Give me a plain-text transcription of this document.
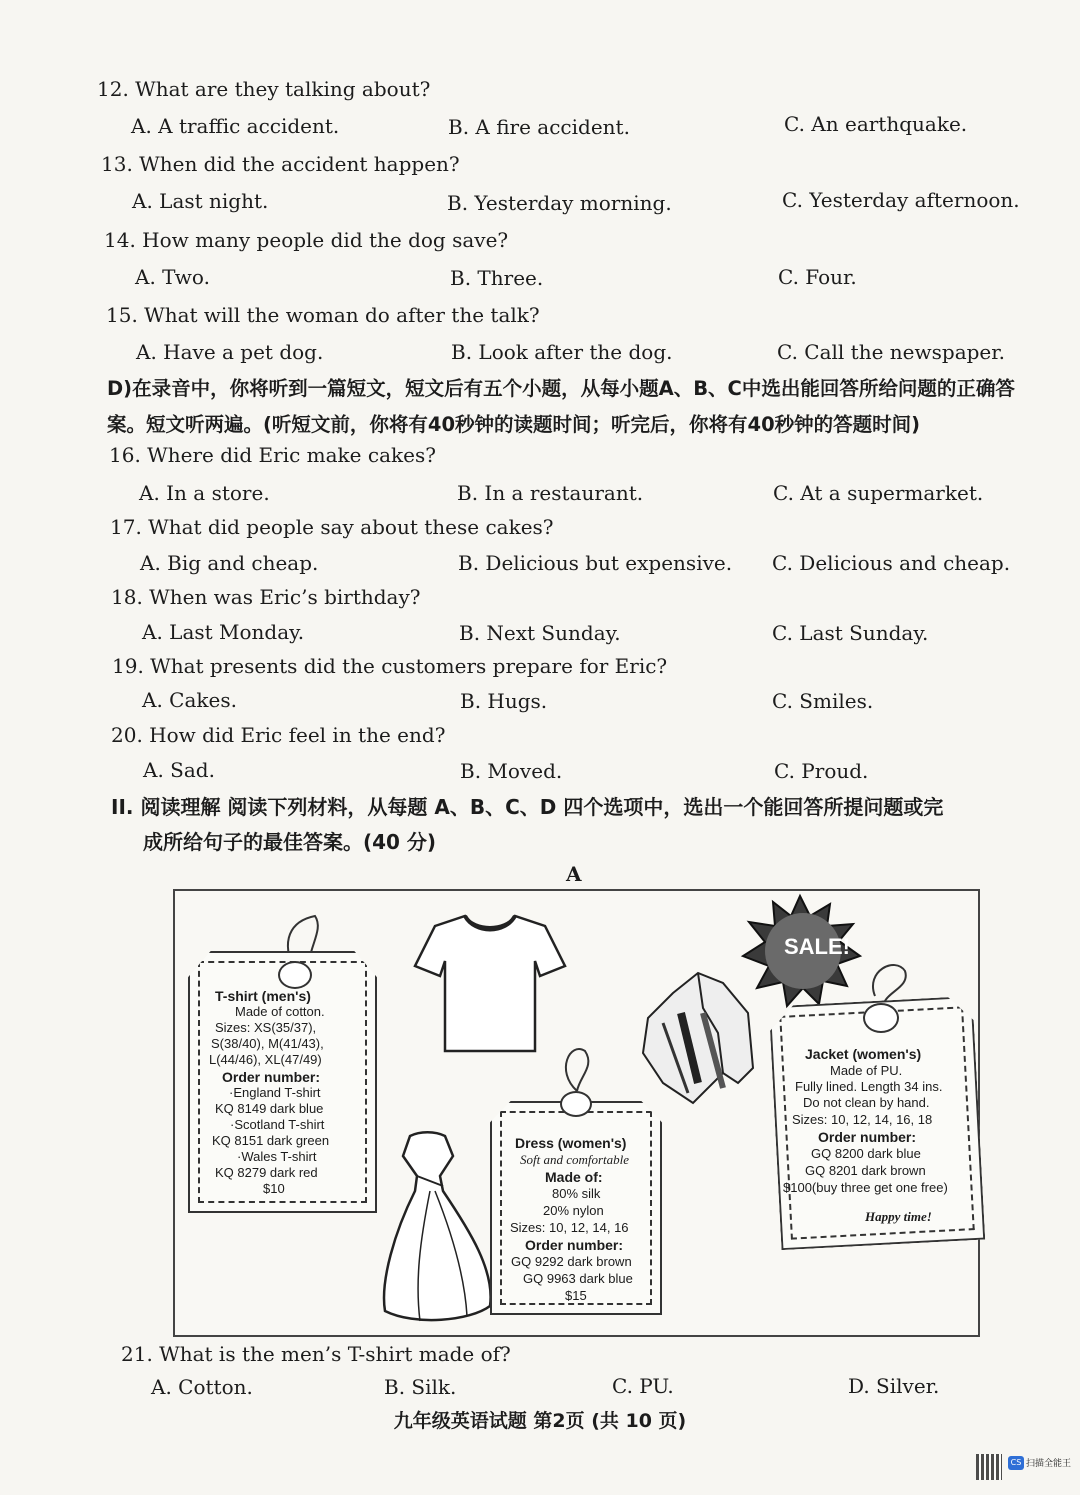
12. What are they talking about?
A. A traffic accident.	B. A fire accident.	C. An earthquake.
13. When did the accident happen?
A. Last night.	B. Yesterday morning.	C. Yesterday afternoon.
14. How many people did the dog save?
A. Two.	B. Three.	C. Four.
15. What will the woman do after the talk?
A. Have a pet dog.	B. Look after the dog.	C. Call the newspaper.
D)在录音中，你将听到一篇短文，短文后有五个小题，从每小题A、B、C中选出能回答所给问题的正确答
案。短文听两遍。(听短文前，你将有40秒钟的读题时间；听完后，你将有40秒钟的答题时间)
16. Where did Eric make cakes?
A. In a store.	B. In a restaurant.	C. At a supermarket.
17. What did people say about these cakes?
A. Big and cheap.	B. Delicious but expensive. C. Delicious and cheap.
18. When was Eric’s birthday?
A. Last Monday.	B. Next Sunday.	C. Last Sunday.
19. What presents did the customers prepare for Eric?
A. Cakes.	B. Hugs.	C. Smiles.
20. How did Eric feel in the end?
A. Sad.	B. Moved.	C. Proud.
II. 阅读理解 阅读下列材料，从每题 A、B、C、D 四个选项中，选出一个能回答所提问题或完
成所给句子的最佳答案。(40 分)
A
SALE!
T-shirt (men's)
Made of cotton.
Sizes: XS(35/37),
S(38/40), M(41/43),
L(44/46), XL(47/49)
Order number:
·England T-shirt
KQ 8149 dark blue
·Scotland T-shirt
KQ 8151 dark green
·Wales T-shirt
KQ 8279 dark red
$10
Dress (women's)
Soft and comfortable
Made of:
80% silk
20% nylon
Sizes: 10, 12, 14, 16
Order number:
GQ 9292 dark brown
GQ 9963 dark blue
$15
Jacket (women's)
Made of PU.
Fully lined. Length 34 ins.
Do not clean by hand.
Sizes: 10, 12, 14, 16, 18
Order number:
GQ 8200 dark blue
GQ 8201 dark brown
$100(buy three get one free)
Happy time!
21. What is the men’s T-shirt made of?
A. Cotton.	B. Silk.	C. PU.	D. Silver.
九年级英语试题 第2页 (共 10 页)
CS 扫描全能王
